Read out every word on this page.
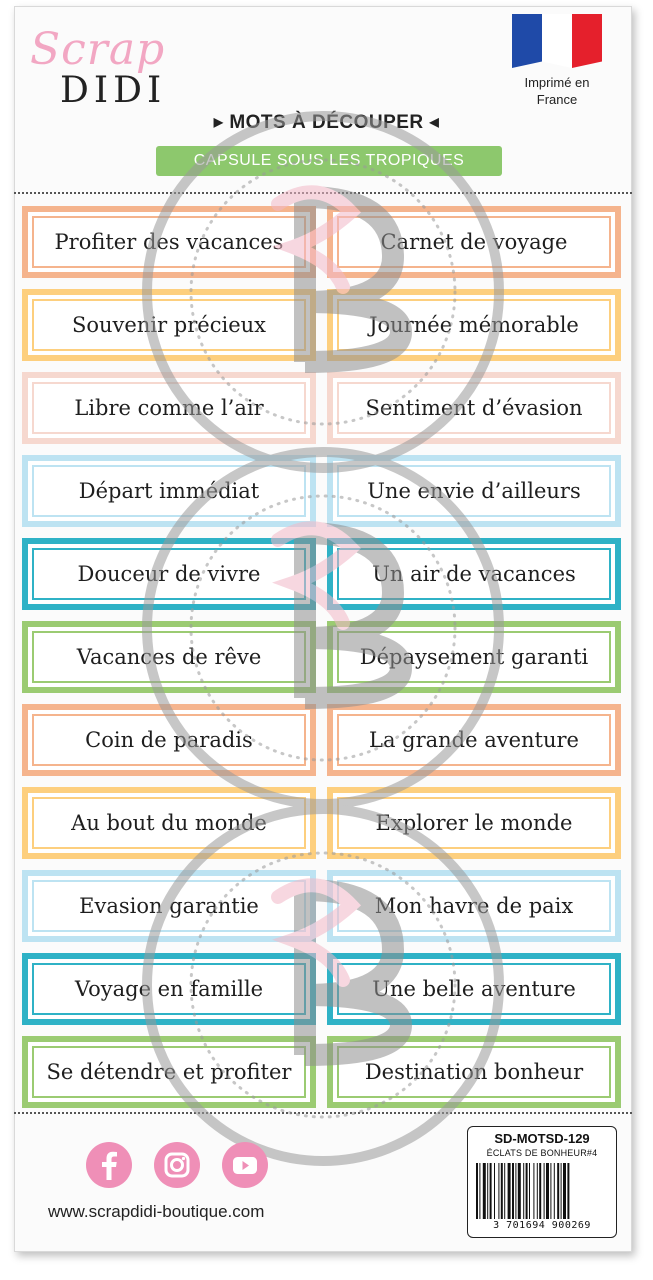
Scrap
DIDI	Imprimé en
France
▶ MOTS À DÉCOUPER ◀
CAPSULE SOUS LES TROPIQUES
Profiter des vacances	Carnet de voyage
Souvenir précieux	Journée mémorable
Libre comme l’air	Sentiment d’évasion
Départ immédiat	Une envie d’ailleurs
Douceur de vivre	Un air de vacances
Vacances de rêve	Dépaysement garanti
Coin de paradis	La grande aventure
Au bout du monde	Explorer le monde
Evasion garantie	Mon havre de paix
Voyage en famille	Une belle aventure
Se détendre et profiter	Destination bonheur
www.scrapdidi-boutique.com
SD-MOTSD-129
ÉCLATS DE BONHEUR#4
3 701694 900269
